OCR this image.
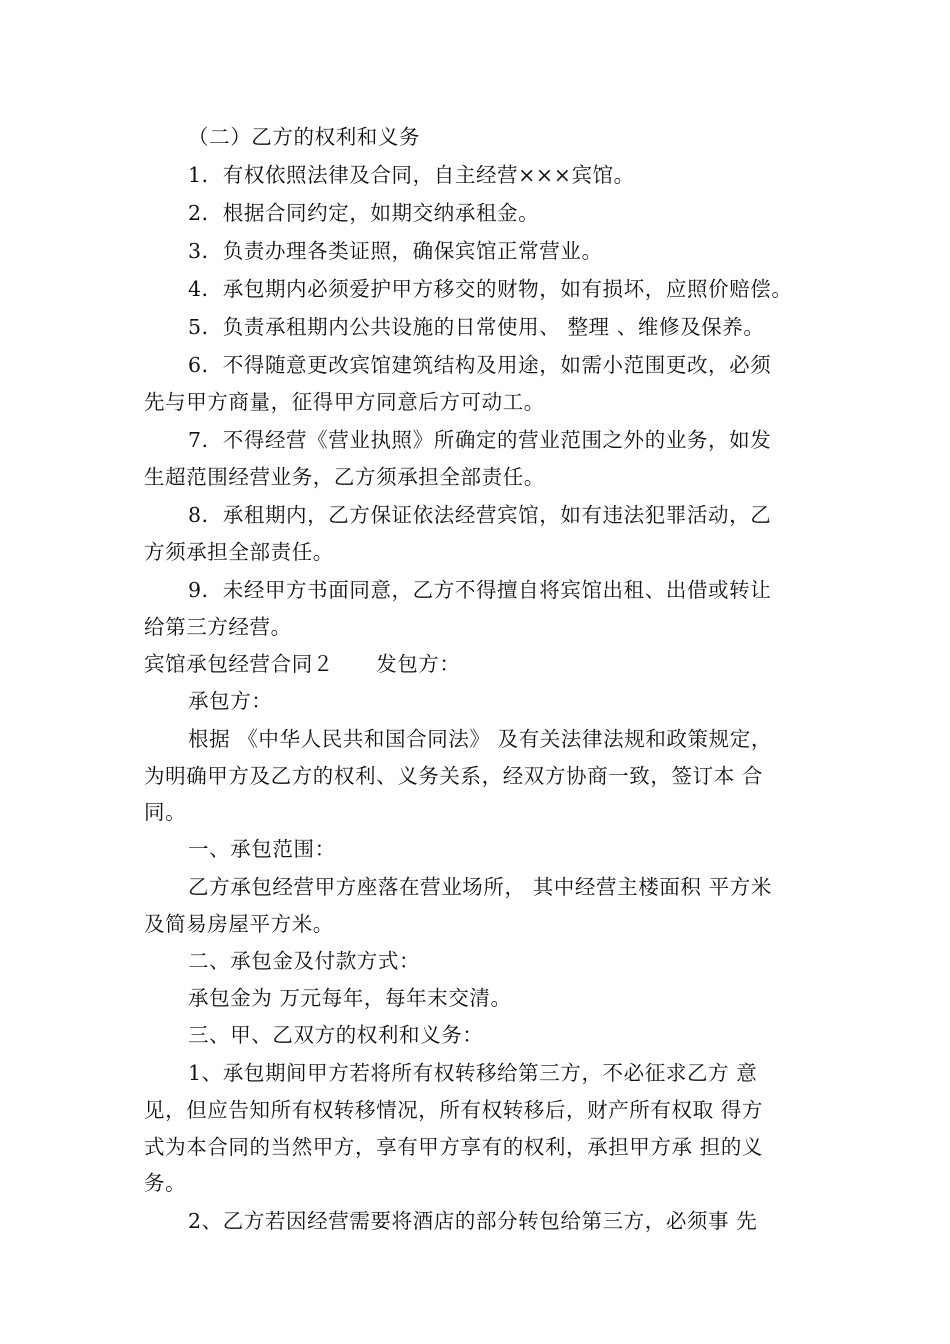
（二）乙方的权利和义务
1．有权依照法律及合同，自主经营×××宾馆。
2．根据合同约定，如期交纳承租金。
3．负责办理各类证照，确保宾馆正常营业。
4．承包期内必须爱护甲方移交的财物，如有损坏，应照价赔偿。
5．负责承租期内公共设施的日常使用、 整理 、维修及保养。
6．不得随意更改宾馆建筑结构及用途，如需小范围更改，必须
先与甲方商量，征得甲方同意后方可动工。
7．不得经营《营业执照》所确定的营业范围之外的业务，如发
生超范围经营业务，乙方须承担全部责任。
8．承租期内，乙方保证依法经营宾馆，如有违法犯罪活动，乙
方须承担全部责任。
9．未经甲方书面同意，乙方不得擅自将宾馆出租、出借或转让
给第三方经营。
宾馆承包经营合同２　　发包方：
承包方：
根据 《中华人民共和国合同法》 及有关法律法规和政策规定，
为明确甲方及乙方的权利、义务关系，经双方协商一致，签订本 合
同。
一、承包范围：
乙方承包经营甲方座落在营业场所， 其中经营主楼面积 平方米
及简易房屋平方米。
二、承包金及付款方式：
承包金为 万元每年，每年末交清。
三、甲、乙双方的权利和义务：
1、承包期间甲方若将所有权转移给第三方，不必征求乙方 意
见，但应告知所有权转移情况，所有权转移后，财产所有权取 得方
式为本合同的当然甲方，享有甲方享有的权利，承担甲方承 担的义
务。
2、乙方若因经营需要将酒店的部分转包给第三方，必须事 先
